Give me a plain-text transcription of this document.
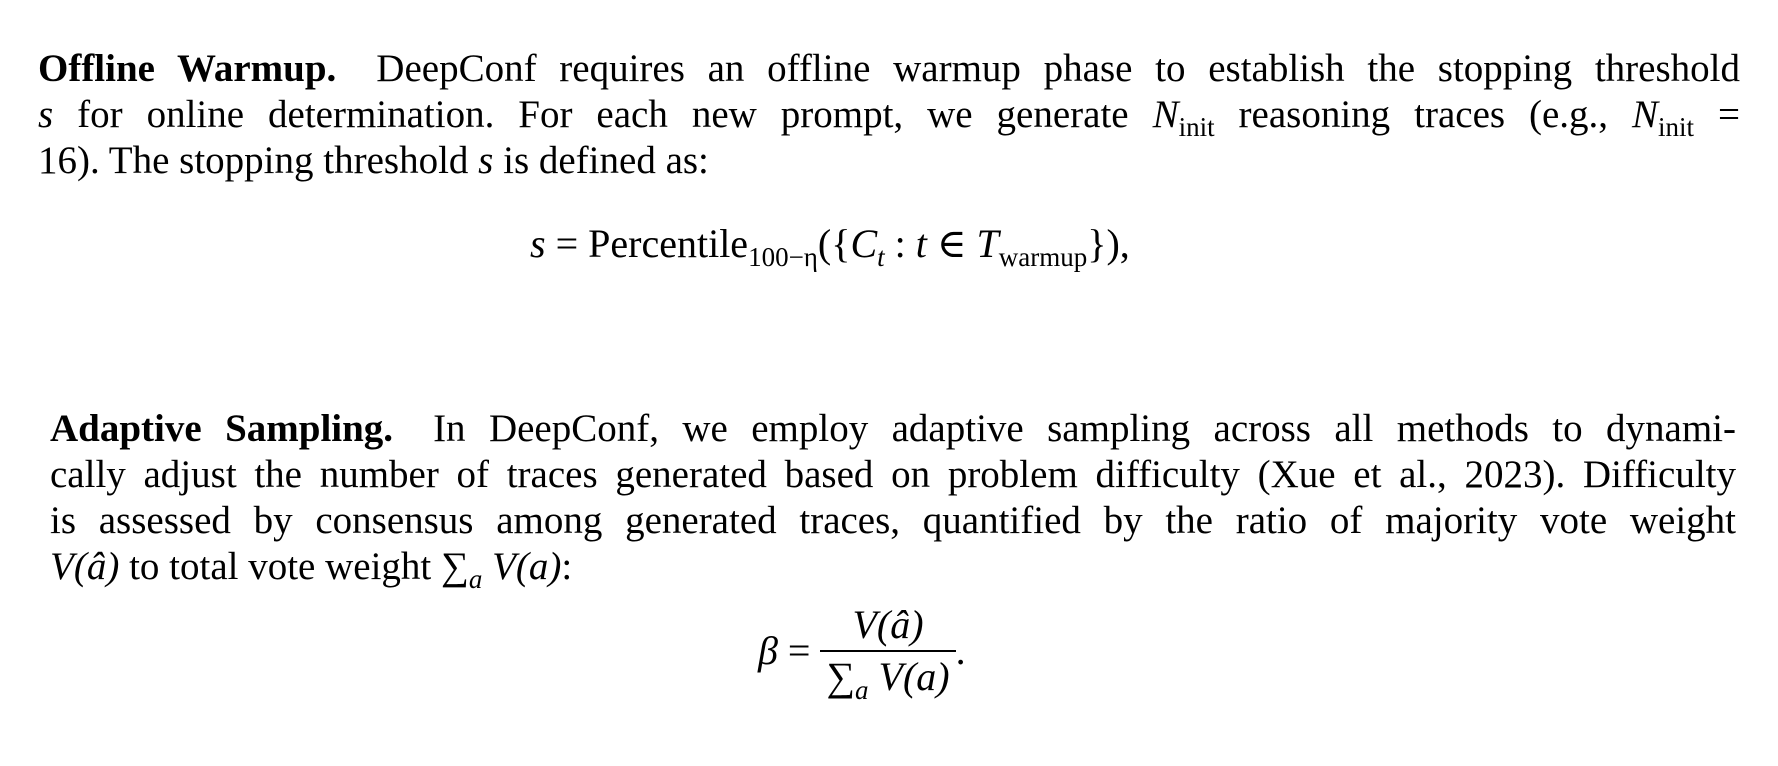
Offline Warmup. DeepConf requires an offline warmup phase to establish the stopping threshold
s for online determination. For each new prompt, we generate $N_{init}$ reasoning traces (e.g., $N_{init}$ =
16). The stopping threshold s is defined as:
$s = Percentile_{100-\eta}(\{C_t$ : t ∈ $T_{warmup}$}),
Adaptive Sampling. In DeepConf, we employ adaptive sampling across all methods to dynami-
cally adjust the number of traces generated based on problem difficulty (Xue et al., 2023). Difficulty
is assessed by consensus among generated traces, quantified by the ratio of majority vote weight
V(â) to total vote weight $\sum_a$ V(a):
$\beta = \frac{V(â)}{\sum_a V(a)}$ .
